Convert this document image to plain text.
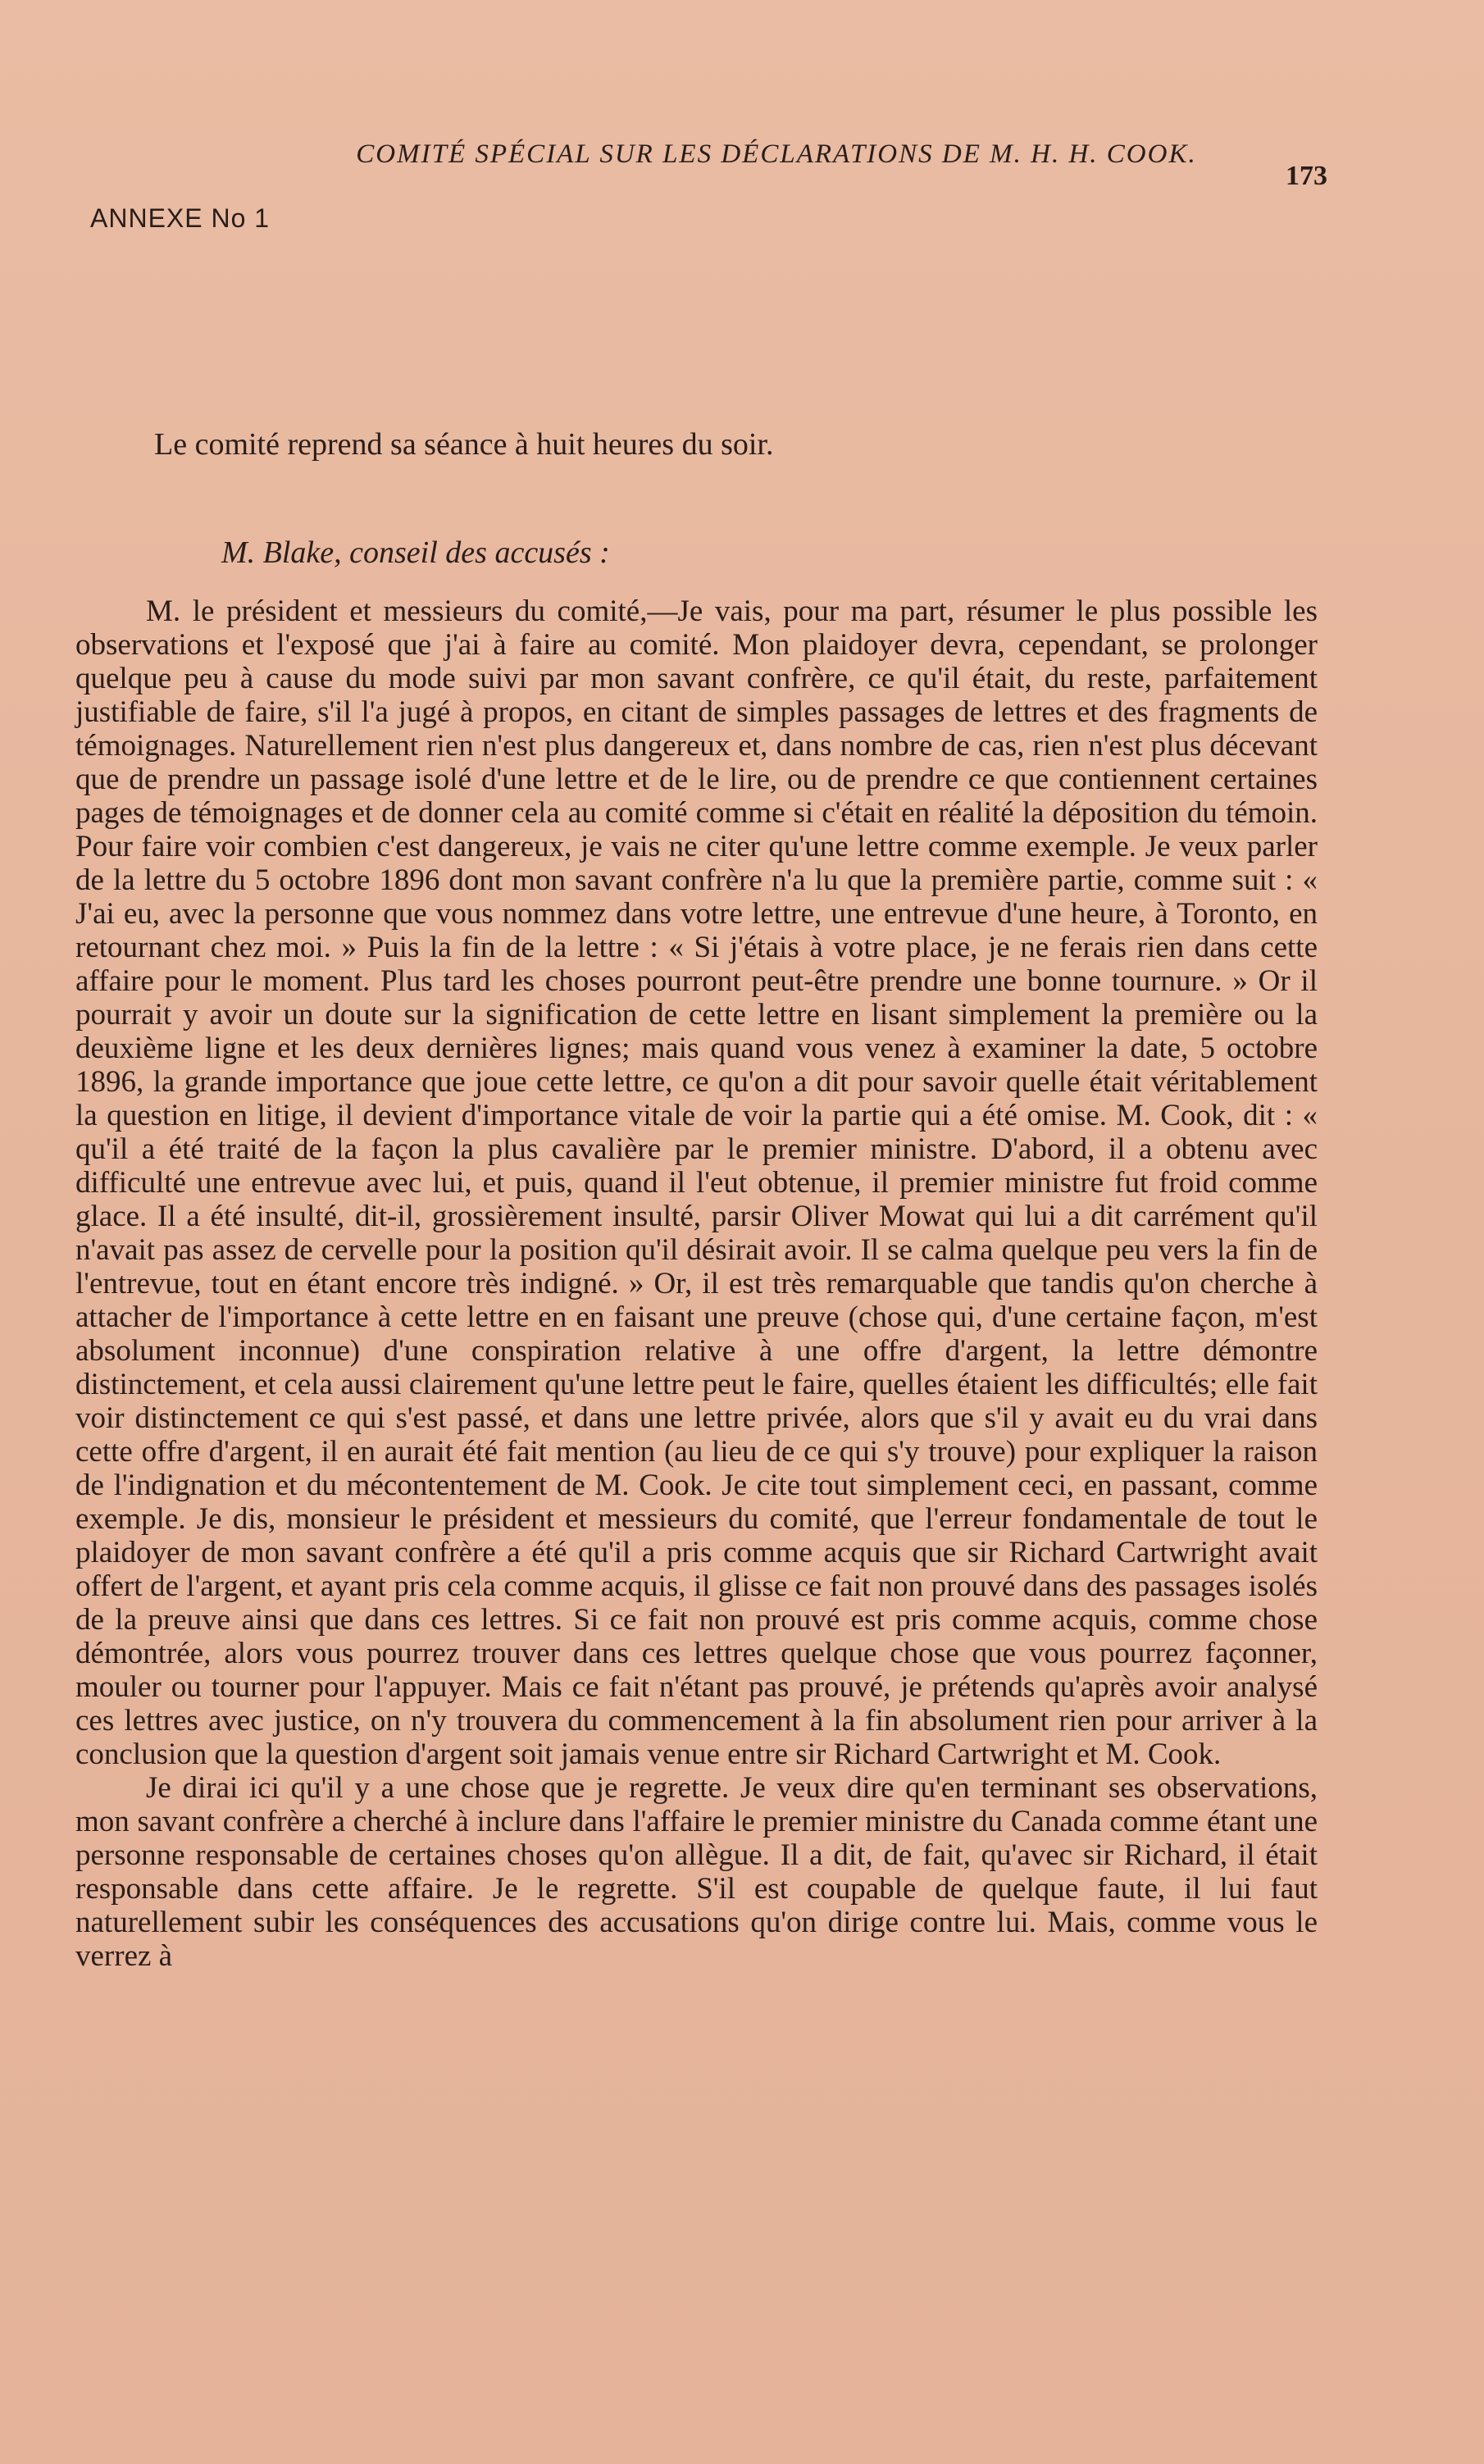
COMITÉ SPÉCIAL SUR LES DÉCLARATIONS DE M. H. H. COOK.
173
ANNEXE No 1
Le comité reprend sa séance à huit heures du soir.
M. Blake, conseil des accusés :

M. le président et messieurs du comité,—Je vais, pour ma part, résumer le plus possible les observations et l'exposé que j'ai à faire au comité. Mon plaidoyer devra, cependant, se prolonger quelque peu à cause du mode suivi par mon savant confrère, ce qu'il était, du reste, parfaitement justifiable de faire, s'il l'a jugé à propos, en citant de simples passages de lettres et des fragments de témoignages. Naturellement rien n'est plus dangereux et, dans nombre de cas, rien n'est plus décevant que de prendre un passage isolé d'une lettre et de le lire, ou de prendre ce que contiennent certaines pages de témoignages et de donner cela au comité comme si c'était en réalité la déposition du témoin. Pour faire voir combien c'est dangereux, je vais ne citer qu'une lettre comme exemple. Je veux parler de la lettre du 5 octobre 1896 dont mon savant confrère n'a lu que la première partie, comme suit : « J'ai eu, avec la personne que vous nommez dans votre lettre, une entrevue d'une heure, à Toronto, en retournant chez moi. » Puis la fin de la lettre : « Si j'étais à votre place, je ne ferais rien dans cette affaire pour le moment. Plus tard les choses pourront peut-être prendre une bonne tournure. » Or il pourrait y avoir un doute sur la signification de cette lettre en lisant simplement la première ou la deuxième ligne et les deux dernières lignes; mais quand vous venez à examiner la date, 5 octobre 1896, la grande importance que joue cette lettre, ce qu'on a dit pour savoir quelle était véritablement la question en litige, il devient d'importance vitale de voir la partie qui a été omise. M. Cook, dit : « qu'il a été traité de la façon la plus cavalière par le premier ministre. D'abord, il a obtenu avec difficulté une entrevue avec lui, et puis, quand il l'eut obtenue, il premier ministre fut froid comme glace. Il a été insulté, dit-il, grossièrement insulté, parsir Oliver Mowat qui lui a dit carrément qu'il n'avait pas assez de cervelle pour la position qu'il désirait avoir. Il se calma quelque peu vers la fin de l'entrevue, tout en étant encore très indigné. » Or, il est très remarquable que tandis qu'on cherche à attacher de l'importance à cette lettre en en faisant une preuve (chose qui, d'une certaine façon, m'est absolument inconnue) d'une conspiration relative à une offre d'argent, la lettre démontre distinctement, et cela aussi clairement qu'une lettre peut le faire, quelles étaient les difficultés; elle fait voir distinctement ce qui s'est passé, et dans une lettre privée, alors que s'il y avait eu du vrai dans cette offre d'argent, il en aurait été fait mention (au lieu de ce qui s'y trouve) pour expliquer la raison de l'indignation et du mécontentement de M. Cook. Je cite tout simplement ceci, en passant, comme exemple. Je dis, monsieur le président et messieurs du comité, que l'erreur fondamentale de tout le plaidoyer de mon savant confrère a été qu'il a pris comme acquis que sir Richard Cartwright avait offert de l'argent, et ayant pris cela comme acquis, il glisse ce fait non prouvé dans des passages isolés de la preuve ainsi que dans ces lettres. Si ce fait non prouvé est pris comme acquis, comme chose démontrée, alors vous pourrez trouver dans ces lettres quelque chose que vous pourrez façonner, mouler ou tourner pour l'appuyer. Mais ce fait n'étant pas prouvé, je prétends qu'après avoir analysé ces lettres avec justice, on n'y trouvera du commencement à la fin absolument rien pour arriver à la conclusion que la question d'argent soit jamais venue entre sir Richard Cartwright et M. Cook.

Je dirai ici qu'il y a une chose que je regrette. Je veux dire qu'en terminant ses observations, mon savant confrère a cherché à inclure dans l'affaire le premier ministre du Canada comme étant une personne responsable de certaines choses qu'on allègue. Il a dit, de fait, qu'avec sir Richard, il était responsable dans cette affaire. Je le regrette. S'il est coupable de quelque faute, il lui faut naturellement subir les conséquences des accusations qu'on dirige contre lui. Mais, comme vous le verrez à
